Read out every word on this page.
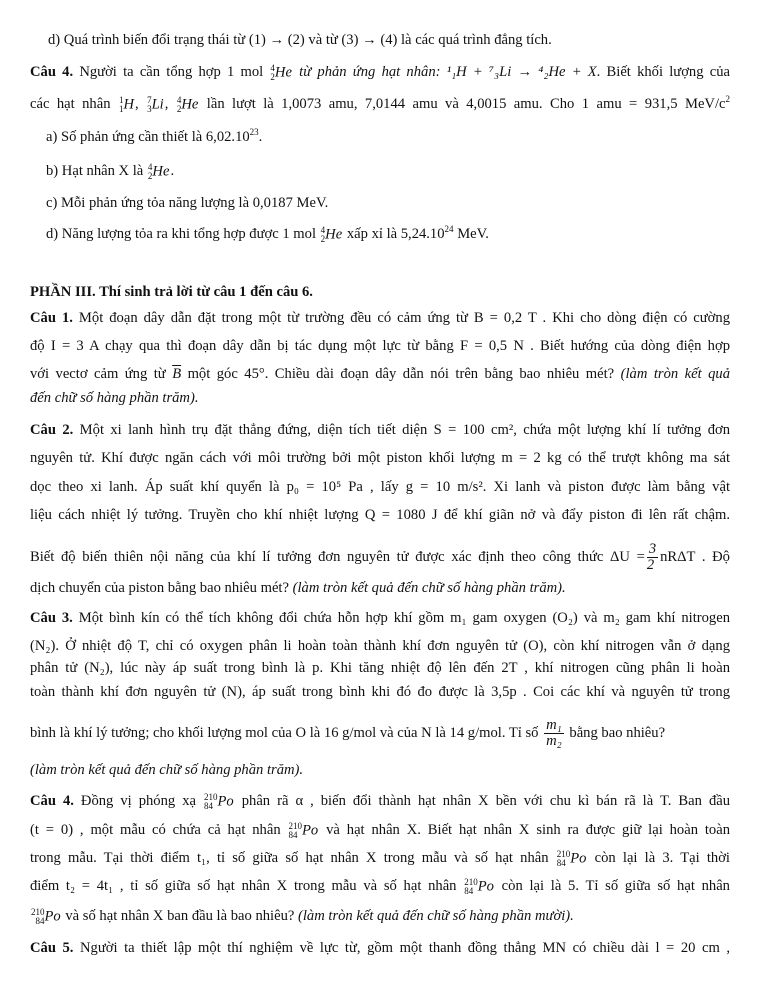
d) Quá trình biến đổi trạng thái từ (1) → (2) và từ (3) → (4) là các quá trình đẳng tích.
Câu 4. Người ta cần tổng hợp 1 mol 4
2 He từ phản ứng hạt nhân: ¹₁H + ⁷₃Li → ⁴₂He + X. Biết khối lượng của
các hạt nhân 1
1 H, 7
3 Li, 4
2 He lần lượt là 1,0073 amu, 7,0144 amu và 4,0015 amu. Cho 1 amu = 931,5 MeV/$c^2$
a) Số phản ứng cần thiết là 6,02.10$^{23}$.
b) Hạt nhân X là 4
2 He.
c) Mỗi phản ứng tỏa năng lượng là 0,0187 MeV.
d) Năng lượng tỏa ra khi tổng hợp được 1 mol 4
2 He xấp xỉ là 5,24.10$^{24}$ MeV.
PHẦN III. Thí sinh trả lời từ câu 1 đến câu 6.
Câu 1. Một đoạn dây dẫn đặt trong một từ trường đều có cảm ứng từ B = 0,2 T . Khi cho dòng điện có cường
độ I = 3 A chạy qua thì đoạn dây dẫn bị tác dụng một lực từ bằng F = 0,5 N . Biết hướng của dòng điện hợp
với vectơ cảm ứng từ $\overline{B}$ một góc 45°. Chiều dài đoạn dây dẫn nói trên bằng bao nhiêu mét? (làm tròn kết quả
đến chữ số hàng phần trăm).
Câu 2. Một xi lanh hình trụ đặt thẳng đứng, diện tích tiết diện S = 100 cm², chứa một lượng khí lí tưởng đơn
nguyên tử. Khí được ngăn cách với môi trường bởi một piston khối lượng m = 2 kg có thể trượt không ma sát
dọc theo xi lanh. Áp suất khí quyển là p₀ = 10⁵ Pa , lấy g = 10 m/s². Xi lanh và piston được làm bằng vật
liệu cách nhiệt lý tưởng. Truyền cho khí nhiệt lượng Q = 1080 J để khí giãn nở và đẩy piston đi lên rất chậm.
Biết độ biến thiên nội năng của khí lí tưởng đơn nguyên tử được xác định theo công thức $\Delta U = \frac{3}{2}$ nRΔT . Độ
dịch chuyển của piston bằng bao nhiêu mét? (làm tròn kết quả đến chữ số hàng phần trăm).
Câu 3. Một bình kín có thể tích không đổi chứa hỗn hợp khí gồm m₁ gam oxygen (O₂) và m₂ gam khí nitrogen
(N₂). Ở nhiệt độ T, chỉ có oxygen phân li hoàn toàn thành khí đơn nguyên tử (O), còn khí nitrogen vẫn ở dạng
phân tử (N₂), lúc này áp suất trong bình là p. Khi tăng nhiệt độ lên đến 2T , khí nitrogen cũng phân li hoàn
toàn thành khí đơn nguyên tử (N), áp suất trong bình khi đó đo được là 3,5p . Coi các khí và nguyên tử trong
bình là khí lý tưởng; cho khối lượng mol của O là 16 g/mol và của N là 14 g/mol. Tỉ số $\frac{\text{m₁}}{\text{m₂}}$ bằng bao nhiêu?
(làm tròn kết quả đến chữ số hàng phần trăm).
Câu 4. Đồng vị phóng xạ 210
84 Po phân rã α , biến đổi thành hạt nhân X bền với chu kì bán rã là T. Ban đầu
(t = 0) , một mẫu có chứa cả hạt nhân 210
84 Po và hạt nhân X. Biết hạt nhân X sinh ra được giữ lại hoàn toàn
trong mẫu. Tại thời điểm t₁, tỉ số giữa số hạt nhân X trong mẫu và số hạt nhân 210
84 Po còn lại là 3. Tại thời
điểm t₂ = 4t₁ , tỉ số giữa số hạt nhân X trong mẫu và số hạt nhân 210
84 Po còn lại là 5. Tỉ số giữa số hạt nhân
210
84 Po và số hạt nhân X ban đầu là bao nhiêu? (làm tròn kết quả đến chữ số hàng phần mười).
Câu 5. Người ta thiết lập một thí nghiệm về lực từ, gồm một thanh đồng thẳng MN có chiều dài l = 20 cm ,
